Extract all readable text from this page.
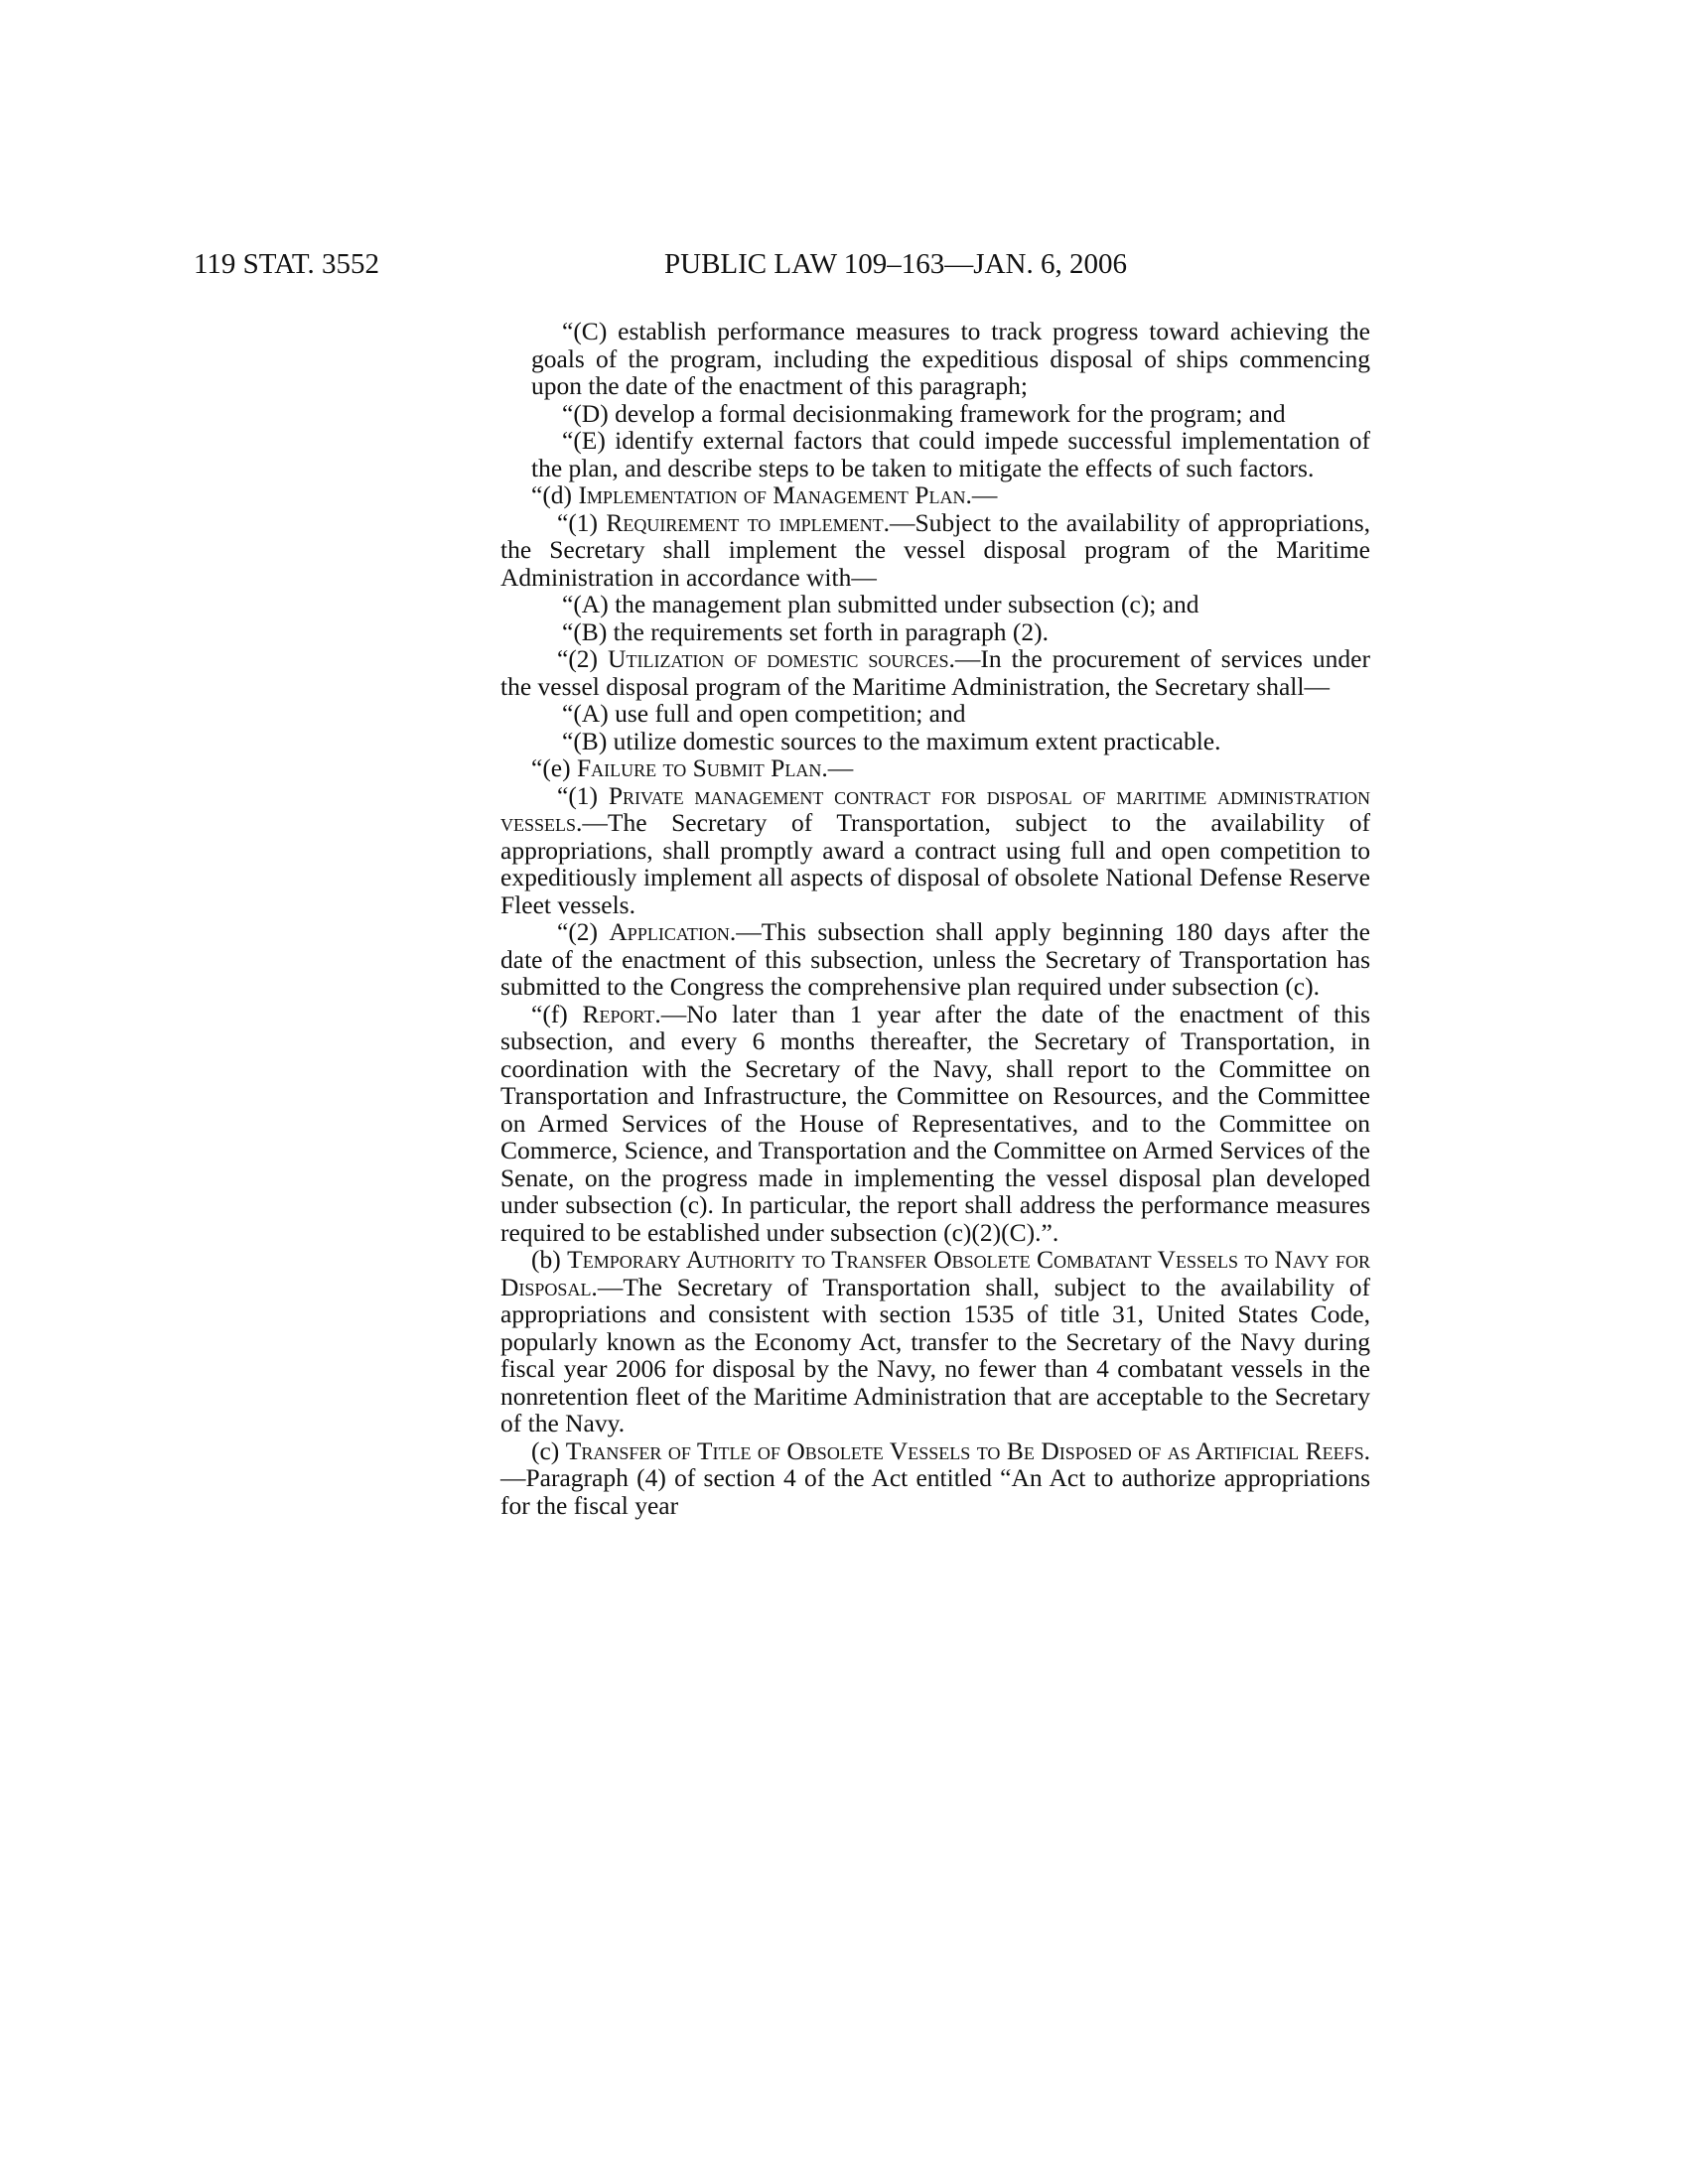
119 STAT. 3552	PUBLIC LAW 109–163—JAN. 6, 2006

“(C) establish performance measures to track progress toward achieving the goals of the program, including the expeditious disposal of ships commencing upon the date of the enactment of this paragraph;

“(D) develop a formal decisionmaking framework for the program; and

“(E) identify external factors that could impede successful implementation of the plan, and describe steps to be taken to mitigate the effects of such factors.

“(d) Implementation of Management Plan.—

“(1) Requirement to implement.—Subject to the availability of appropriations, the Secretary shall implement the vessel disposal program of the Maritime Administration in accordance with—

“(A) the management plan submitted under subsection (c); and

“(B) the requirements set forth in paragraph (2).

“(2) Utilization of domestic sources.—In the procurement of services under the vessel disposal program of the Maritime Administration, the Secretary shall—

“(A) use full and open competition; and

“(B) utilize domestic sources to the maximum extent practicable.

“(e) Failure to Submit Plan.—

“(1) Private management contract for disposal of maritime administration vessels.—The Secretary of Transportation, subject to the availability of appropriations, shall promptly award a contract using full and open competition to expeditiously implement all aspects of disposal of obsolete National Defense Reserve Fleet vessels.

“(2) Application.—This subsection shall apply beginning 180 days after the date of the enactment of this subsection, unless the Secretary of Transportation has submitted to the Congress the comprehensive plan required under subsection (c).

“(f) Report.—No later than 1 year after the date of the enactment of this subsection, and every 6 months thereafter, the Secretary of Transportation, in coordination with the Secretary of the Navy, shall report to the Committee on Transportation and Infrastructure, the Committee on Resources, and the Committee on Armed Services of the House of Representatives, and to the Committee on Commerce, Science, and Transportation and the Committee on Armed Services of the Senate, on the progress made in implementing the vessel disposal plan developed under subsection (c). In particular, the report shall address the performance measures required to be established under subsection (c)(2)(C).”.

(b) Temporary Authority to Transfer Obsolete Combatant Vessels to Navy for Disposal.—The Secretary of Transportation shall, subject to the availability of appropriations and consistent with section 1535 of title 31, United States Code, popularly known as the Economy Act, transfer to the Secretary of the Navy during fiscal year 2006 for disposal by the Navy, no fewer than 4 combatant vessels in the nonretention fleet of the Maritime Administration that are acceptable to the Secretary of the Navy.

(c) Transfer of Title of Obsolete Vessels to Be Disposed of as Artificial Reefs.—Paragraph (4) of section 4 of the Act entitled “An Act to authorize appropriations for the fiscal year
